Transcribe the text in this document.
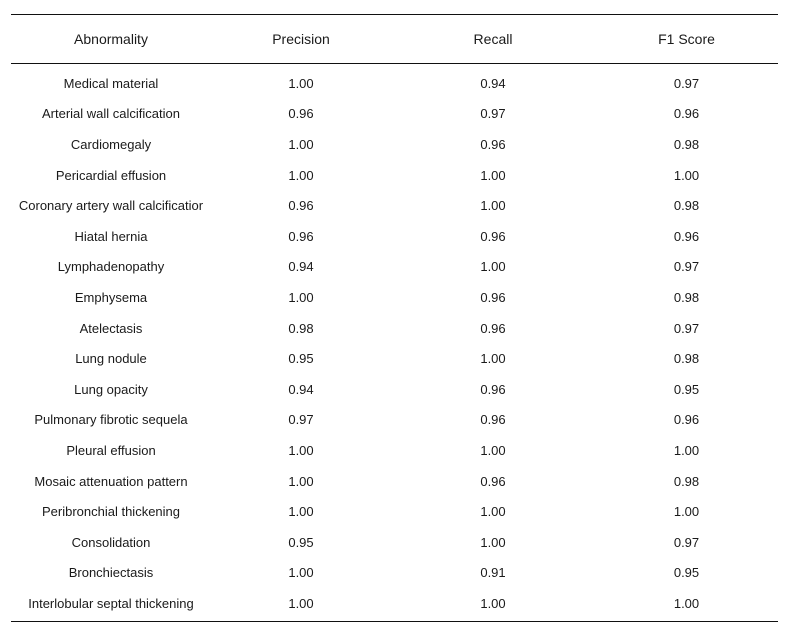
Abnormality	Precision	Recall	F1 Score
Medical material	1.00	0.94	0.97
Arterial wall calcification	0.96	0.97	0.96
Cardiomegaly	1.00	0.96	0.98
Pericardial effusion	1.00	1.00	1.00
Coronary artery wall calcificatior	0.96	1.00	0.98
Hiatal hernia	0.96	0.96	0.96
Lymphadenopathy	0.94	1.00	0.97
Emphysema	1.00	0.96	0.98
Atelectasis	0.98	0.96	0.97
Lung nodule	0.95	1.00	0.98
Lung opacity	0.94	0.96	0.95
Pulmonary fibrotic sequela	0.97	0.96	0.96
Pleural effusion	1.00	1.00	1.00
Mosaic attenuation pattern	1.00	0.96	0.98
Peribronchial thickening	1.00	1.00	1.00
Consolidation	0.95	1.00	0.97
Bronchiectasis	1.00	0.91	0.95
Interlobular septal thickening	1.00	1.00	1.00
